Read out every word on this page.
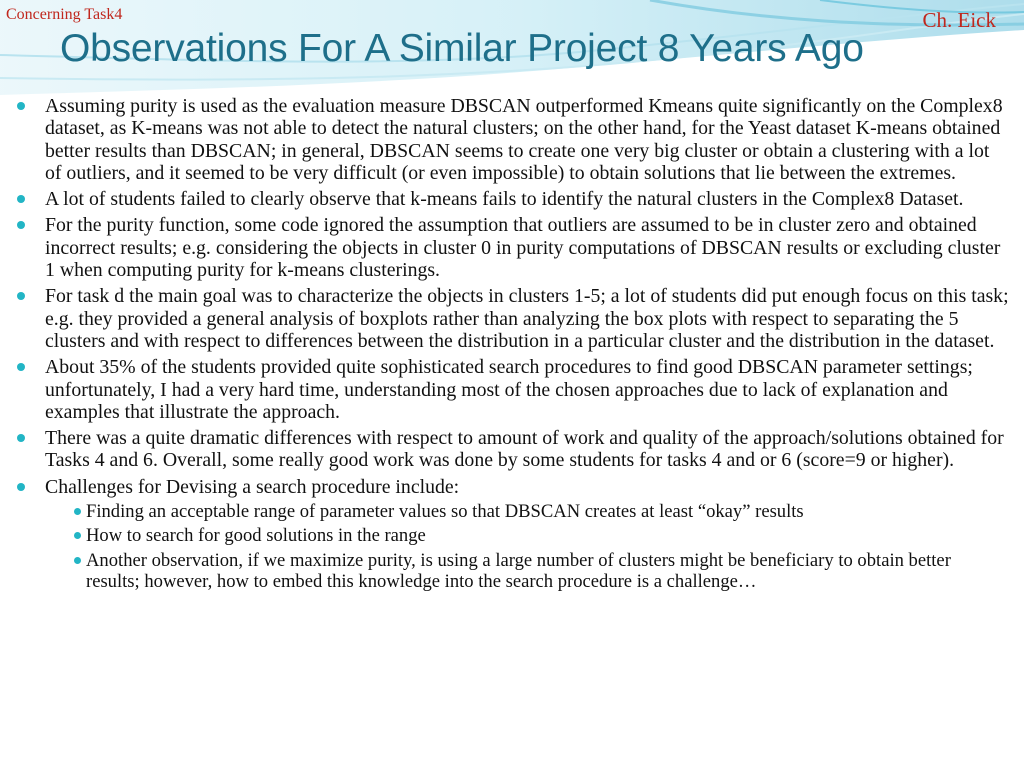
Concerning Task4	Ch. Eick
Observations For A Similar Project 8 Years Ago
Assuming purity is used as the evaluation measure DBSCAN outperformed Kmeans quite significantly on the Complex8 dataset, as K-means was not able to detect the natural clusters; on the other hand, for the Yeast dataset K-means obtained better results than DBSCAN; in general, DBSCAN seems to create one very big cluster or obtain a clustering with a lot of outliers, and it seemed to be very difficult (or even impossible) to obtain solutions that lie between the extremes.
A lot of students failed to clearly observe that k-means fails to identify the natural clusters in the Complex8 Dataset.
For the purity function, some code ignored the assumption that outliers are assumed to be in cluster zero and obtained incorrect results; e.g. considering the objects in cluster 0 in purity computations of DBSCAN results or excluding cluster 1 when computing purity for k-means clusterings.
For task d the main goal was to characterize the objects in clusters 1-5; a lot of students did put enough focus on this task; e.g. they provided a general analysis of boxplots rather than analyzing the box plots with respect to separating the 5 clusters and with respect to differences between the distribution in a particular cluster and the distribution in the dataset.
About 35% of the students provided quite sophisticated search procedures to find good DBSCAN parameter settings; unfortunately, I had a very hard time, understanding most of the chosen approaches due to lack of explanation and examples that illustrate the approach.
There was a quite dramatic differences with respect to amount of work and quality of the approach/solutions obtained for Tasks 4 and 6. Overall, some really good work was done by some students for tasks 4 and or 6 (score=9 or higher).
Challenges for Devising a search procedure include:
Finding an acceptable range of parameter values so that DBSCAN creates at least “okay” results
How to search for good solutions in the range
Another observation, if we maximize purity, is using a large number of clusters might be beneficiary to obtain better results; however, how to embed this knowledge into the search procedure is a challenge…
